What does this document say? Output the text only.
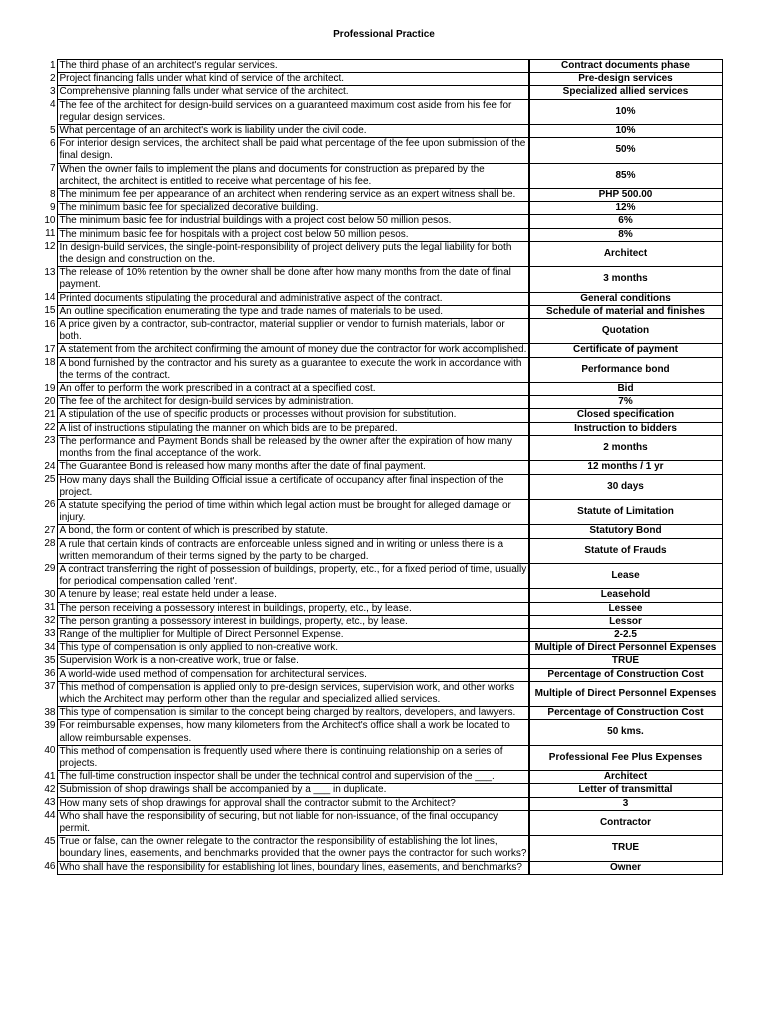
Professional Practice
1	The third phase of an architect's regular services.		Contract documents phase
2	Project financing falls under what kind of service of the architect.		Pre-design services
3	Comprehensive planning falls under what service of the architect.		Specialized allied services
4	The fee of the architect for design-build services on a guaranteed maximum cost aside from his fee for regular design services.		10%
5	What percentage of an architect's work is liability under the civil code.		10%
6	For interior design services, the architect shall be paid what percentage of the fee upon submission of the final design.		50%
7	When the owner fails to implement the plans and documents for construction as prepared by the architect, the architect is entitled to receive what percentage of his fee.		85%
8	The minimum fee per appearance of an architect when rendering service as an expert witness shall be.		PHP 500.00
9	The minimum basic fee for specialized decorative building.		12%
10	The minimum basic fee for industrial buildings with a project cost below 50 million pesos.		6%
11	The minimum basic fee for hospitals with a project cost below 50 million pesos.		8%
12	In design-build services, the single-point-responsibility of project delivery puts the legal liability for both the design and construction on the.		Architect
13	The release of 10% retention by the owner shall be done after how many months from the date of final payment.		3 months
14	Printed documents stipulating the procedural and administrative aspect of the contract.		General conditions
15	An outline specification enumerating the type and trade names of materials to be used.		Schedule of material and finishes
16	A price given by a contractor, sub-contractor, material supplier or vendor to furnish materials, labor or both.		Quotation
17	A statement from the architect confirming the amount of money due the contractor for work accomplished.		Certificate of payment
18	A bond furnished by the contractor and his surety as a guarantee to execute the work in accordance with the terms of the contract.		Performance bond
19	An offer to perform the work prescribed in a contract at a specified cost.		Bid
20	The fee of the architect for design-build services by administration.		7%
21	A stipulation of the use of specific products or processes without provision for substitution.		Closed specification
22	A list of instructions stipulating the manner on which bids are to be prepared.		Instruction to bidders
23	The performance and Payment Bonds shall be released by the owner after the expiration of how many months from the final acceptance of the work.		2 months
24	The Guarantee Bond is released how many months after the date of final payment.		12 months / 1 yr
25	How many days shall the Building Official issue a certificate of occupancy after final inspection of the project.		30 days
26	A statute specifying the period of time within which legal action must be brought for alleged damage or injury.		Statute of Limitation
27	A bond, the form or content of which is prescribed by statute.		Statutory Bond
28	A rule that certain kinds of contracts are enforceable unless signed and in writing or unless there is a written memorandum of their terms signed by the party to be charged.		Statute of Frauds
29	A contract transferring the right of possession of buildings, property, etc., for a fixed period of time, usually for periodical compensation called 'rent'.		Lease
30	A tenure by lease; real estate held under a lease.		Leasehold
31	The person receiving a possessory interest in buildings, property, etc., by lease.		Lessee
32	The person granting a possessory interest in buildings, property, etc., by lease.		Lessor
33	Range of the multiplier for Multiple of Direct Personnel Expense.		2-2.5
34	This type of compensation is only applied to non-creative work.		Multiple of Direct Personnel Expenses
35	Supervision Work is a non-creative work, true or false.		TRUE
36	A world-wide used method of compensation for architectural services.		Percentage of Construction Cost
37	This method of compensation is applied only to pre-design services, supervision work, and other works which the Architect may perform other than the regular and specialized allied services.		Multiple of Direct Personnel Expenses
38	This type of compensation is similar to the concept being charged by realtors, developers, and lawyers.		Percentage of Construction Cost
39	For reimbursable expenses, how many kilometers from the Architect's office shall a work be located to allow reimbursable expenses.		50 kms.
40	This method of compensation is frequently used where there is continuing relationship on a series of projects.		Professional Fee Plus Expenses
41	The full-time construction inspector shall be under the technical control and supervision of the ___.		Architect
42	Submission of shop drawings shall be accompanied by a ___ in duplicate.		Letter of transmittal
43	How many sets of shop drawings for approval shall the contractor submit to the Architect?		3
44	Who shall have the responsibility of securing, but not liable for non-issuance, of the final occupancy permit.		Contractor
45	True or false, can the owner relegate to the contractor the responsibility of establishing the lot lines, boundary lines, easements, and benchmarks provided that the owner pays the contractor for such works?		TRUE
46	Who shall have the responsibility for establishing lot lines, boundary lines, easements, and benchmarks?		Owner
